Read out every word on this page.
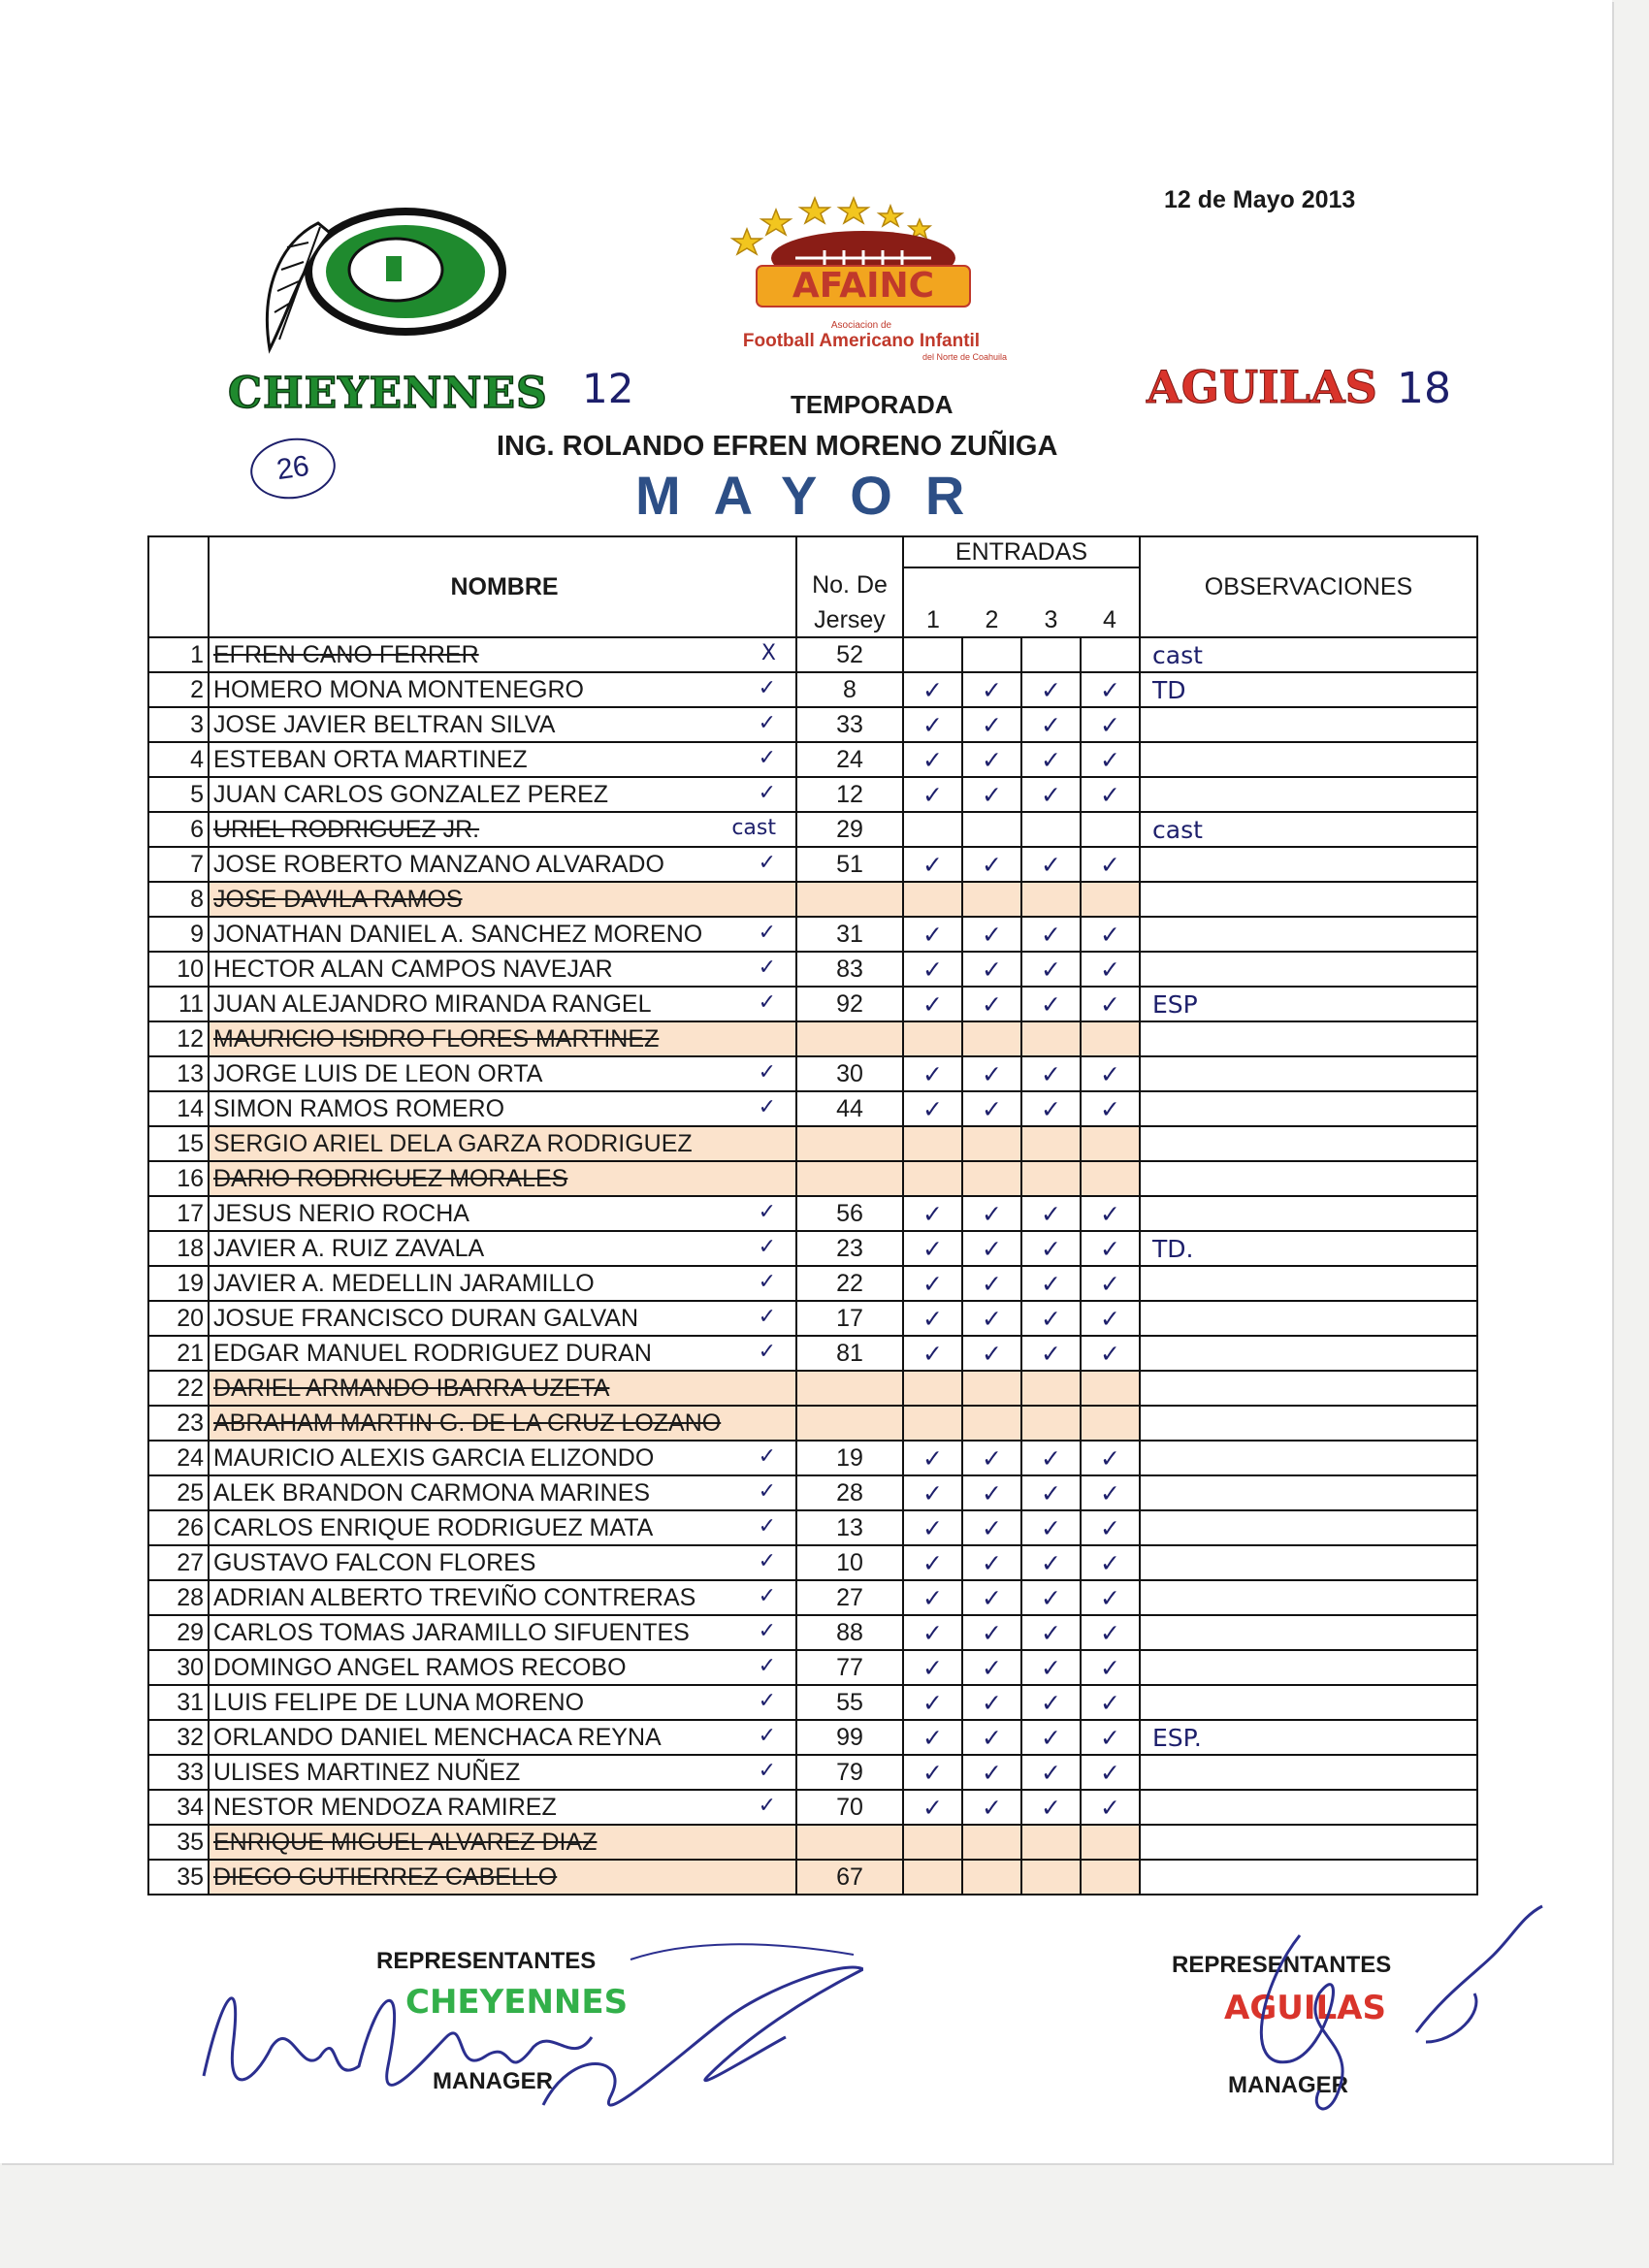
AFAINC
Asociacion de
Football Americano Infantil
del Norte de Coahuila
12 de Mayo 2013
CHEYENNES 12	AGUILAS 18
TEMPORADA
26
ING. ROLANDO EFREN MORENO ZUÑIGA
MAYOR
	NOMBRE		ENTRADAS				OBSERVACIONES
		No. De					
		Jersey	1	2	3	4	
1	EFREN CANO FERRER X	52					cast
2	HOMERO MONA MONTENEGRO ✓	8	✓	✓	✓	✓	TD
3	JOSE JAVIER BELTRAN SILVA ✓	33	✓	✓	✓	✓	
4	ESTEBAN ORTA MARTINEZ ✓	24	✓	✓	✓	✓	
5	JUAN CARLOS GONZALEZ PEREZ ✓	12	✓	✓	✓	✓	
6	URIEL RODRIGUEZ JR. cast	29					cast
7	JOSE ROBERTO MANZANO ALVARADO ✓	51	✓	✓	✓	✓	
8	JOSE DAVILA RAMOS

9	JONATHAN DANIEL A. SANCHEZ MORENO ✓	31	✓	✓	✓	✓	
10	HECTOR ALAN CAMPOS NAVEJAR ✓	83	✓	✓	✓	✓	
11	JUAN ALEJANDRO MIRANDA RANGEL ✓	92	✓	✓	✓	✓	ESP
12	MAURICIO ISIDRO FLORES MARTINEZ

13	JORGE LUIS DE LEON ORTA ✓	30	✓	✓	✓	✓	
14	SIMON RAMOS ROMERO ✓	44	✓	✓	✓	✓	
15	SERGIO ARIEL DELA GARZA RODRIGUEZ

16	DARIO RODRIGUEZ MORALES

17	JESUS NERIO ROCHA ✓	56	✓	✓	✓	✓	
18	JAVIER A. RUIZ ZAVALA ✓	23	✓	✓	✓	✓	TD.
19	JAVIER A. MEDELLIN JARAMILLO ✓	22	✓	✓	✓	✓	
20	JOSUE FRANCISCO DURAN GALVAN ✓	17	✓	✓	✓	✓	
21	EDGAR MANUEL RODRIGUEZ DURAN ✓	81	✓	✓	✓	✓	
22	DARIEL ARMANDO IBARRA UZETA

23	ABRAHAM MARTIN G. DE LA CRUZ LOZANO

24	MAURICIO ALEXIS GARCIA ELIZONDO ✓	19	✓	✓	✓	✓	
25	ALEK BRANDON CARMONA MARINES ✓	28	✓	✓	✓	✓	
26	CARLOS ENRIQUE RODRIGUEZ MATA ✓	13	✓	✓	✓	✓	
27	GUSTAVO FALCON FLORES ✓	10	✓	✓	✓	✓	
28	ADRIAN ALBERTO TREVIÑO CONTRERAS ✓	27	✓	✓	✓	✓	
29	CARLOS TOMAS JARAMILLO SIFUENTES ✓	88	✓	✓	✓	✓	
30	DOMINGO ANGEL RAMOS RECOBO ✓	77	✓	✓	✓	✓	
31	LUIS FELIPE DE LUNA MORENO ✓	55	✓	✓	✓	✓	
32	ORLANDO DANIEL MENCHACA REYNA ✓	99	✓	✓	✓	✓	ESP.
33	ULISES MARTINEZ NUÑEZ ✓	79	✓	✓	✓	✓	
34	NESTOR MENDOZA RAMIREZ ✓	70	✓	✓	✓	✓	
35	ENRIQUE MIGUEL ALVAREZ DIAZ

35	DIEGO GUTIERREZ CABELLO	67					
REPRESENTANTES
CHEYENNES
MANAGER
REPRESENTANTES
AGUILAS
MANAGER
